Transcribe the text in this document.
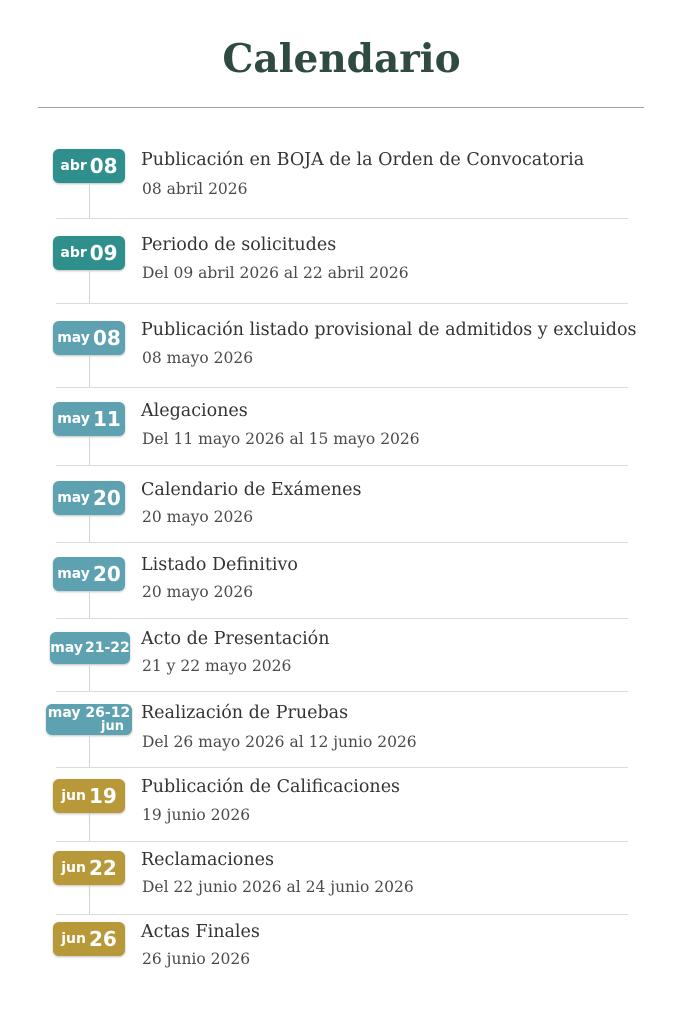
Calendario
abr 08 Publicación en BOJA de la Orden de Convocatoria
08 abril 2026
abr 09 Periodo de solicitudes
Del 09 abril 2026 al 22 abril 2026
may 08 Publicación listado provisional de admitidos y excluidos
08 mayo 2026
may 11 Alegaciones
Del 11 mayo 2026 al 15 mayo 2026
may 20 Calendario de Exámenes
20 mayo 2026
may 20 Listado Definitivo
20 mayo 2026
may 21-22 Acto de Presentación
21 y 22 mayo 2026
may 26-12
jun
Realización de Pruebas
Del 26 mayo 2026 al 12 junio 2026
jun 19 Publicación de Calificaciones
19 junio 2026
jun 22 Reclamaciones
Del 22 junio 2026 al 24 junio 2026
jun 26 Actas Finales
26 junio 2026
